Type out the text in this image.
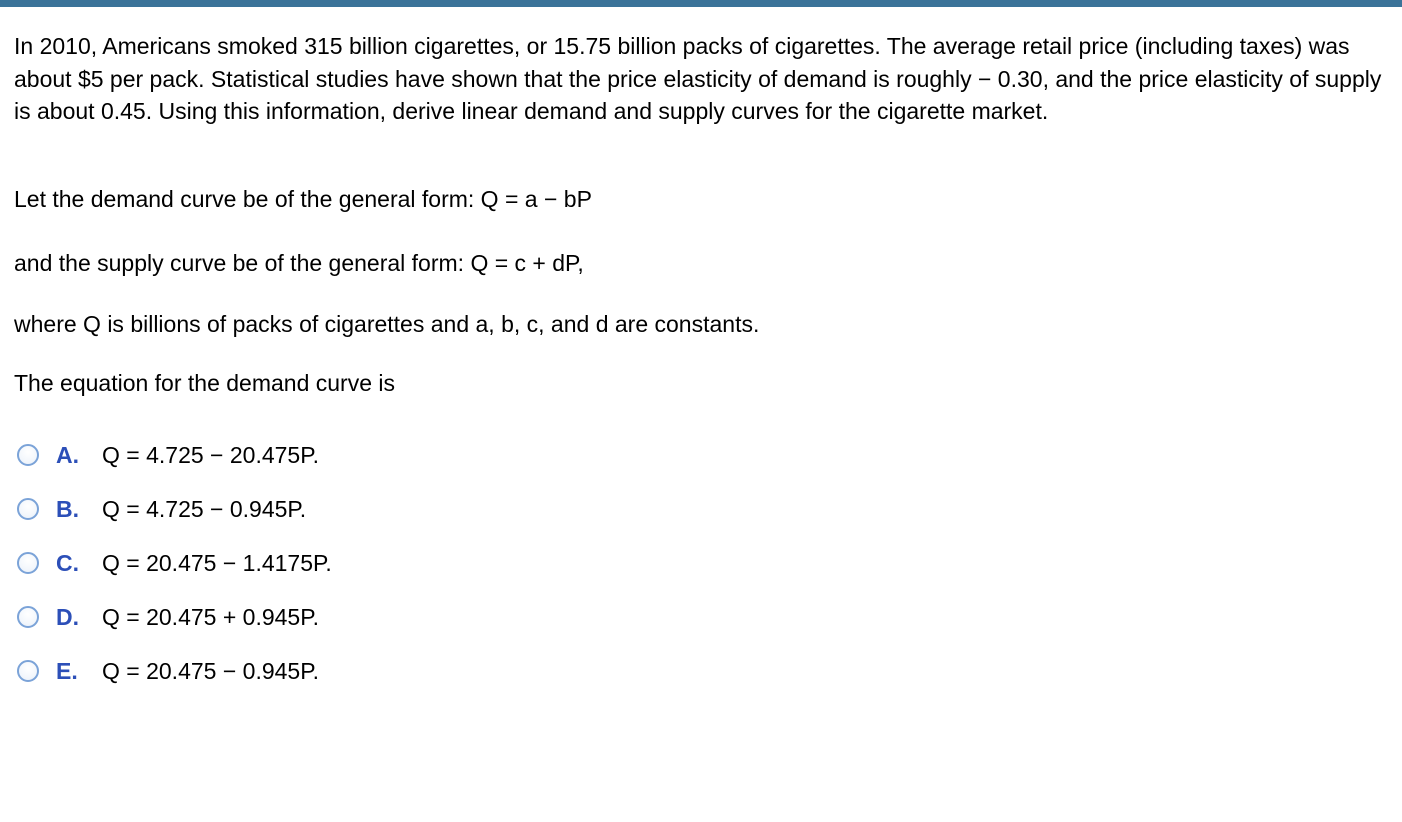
In 2010, Americans smoked 315 billion cigarettes, or 15.75 billion packs of cigarettes. The average retail price (including taxes) was about $5 per pack. Statistical studies have shown that the price elasticity of demand is roughly − 0.30, and the price elasticity of supply is about 0.45. Using this information, derive linear demand and supply curves for the cigarette market.

Let the demand curve be of the general form: Q = a − bP

and the supply curve be of the general form: Q = c + dP,

where Q is billions of packs of cigarettes and a, b, c, and d are constants.

The equation for the demand curve is

A.	Q = 4.725 − 20.475P.
B.	Q = 4.725 − 0.945P.
C.	Q = 20.475 − 1.4175P.
D.	Q = 20.475 + 0.945P.
E.	Q = 20.475 − 0.945P.
